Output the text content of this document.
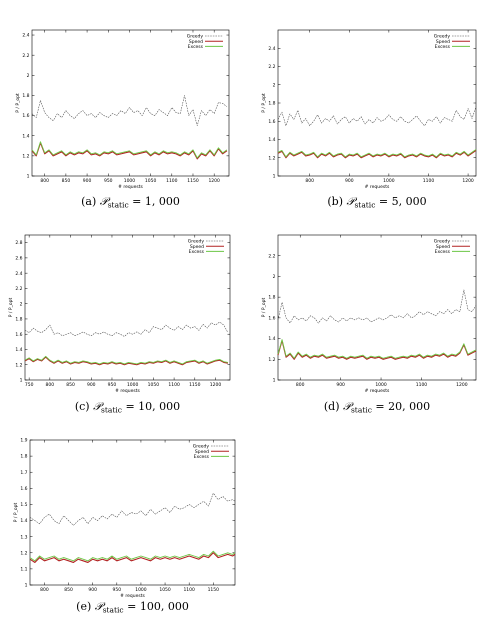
1
1.2
1.4
1.6
1.8
2
2.2
2.4
800	850	900	950 1000 1050 1100 1150 1200
# requests
P / P_opt
Greedy
Speed
Excess
(a) 𝒫$_{static}$ = 1, 000
1
1.2
1.4
1.6
1.8
2
2.2
2.4
800	900	1000	1100	1200
# requests
P / P_opt
Greedy
Speed
Excess
(b) 𝒫$_{static}$ = 5, 000
1
1.2
1.4
1.6
1.8
2
2.2
2.4
2.6
2.8
750	800	850	900	950 1000 1050 1100 1150 1200
# requests
P / P_opt
Greedy
Speed
Excess
(c) 𝒫$_{static}$ = 10, 000
1
1.2
1.4
1.6
1.8
2
2.2
800	900	1000	1100	1200
# requests
P / P_opt
Greedy
Speed
Excess
(d) 𝒫$_{static}$ = 20, 000
1
1.1
1.2
1.3
1.4
1.5
1.6
1.7
1.8
1.9
800	850	900	950	1000	1050	1100	1150
# requests
P / P_opt
Greedy
Speed
Excess
(e) 𝒫$_{static}$ = 100, 000
